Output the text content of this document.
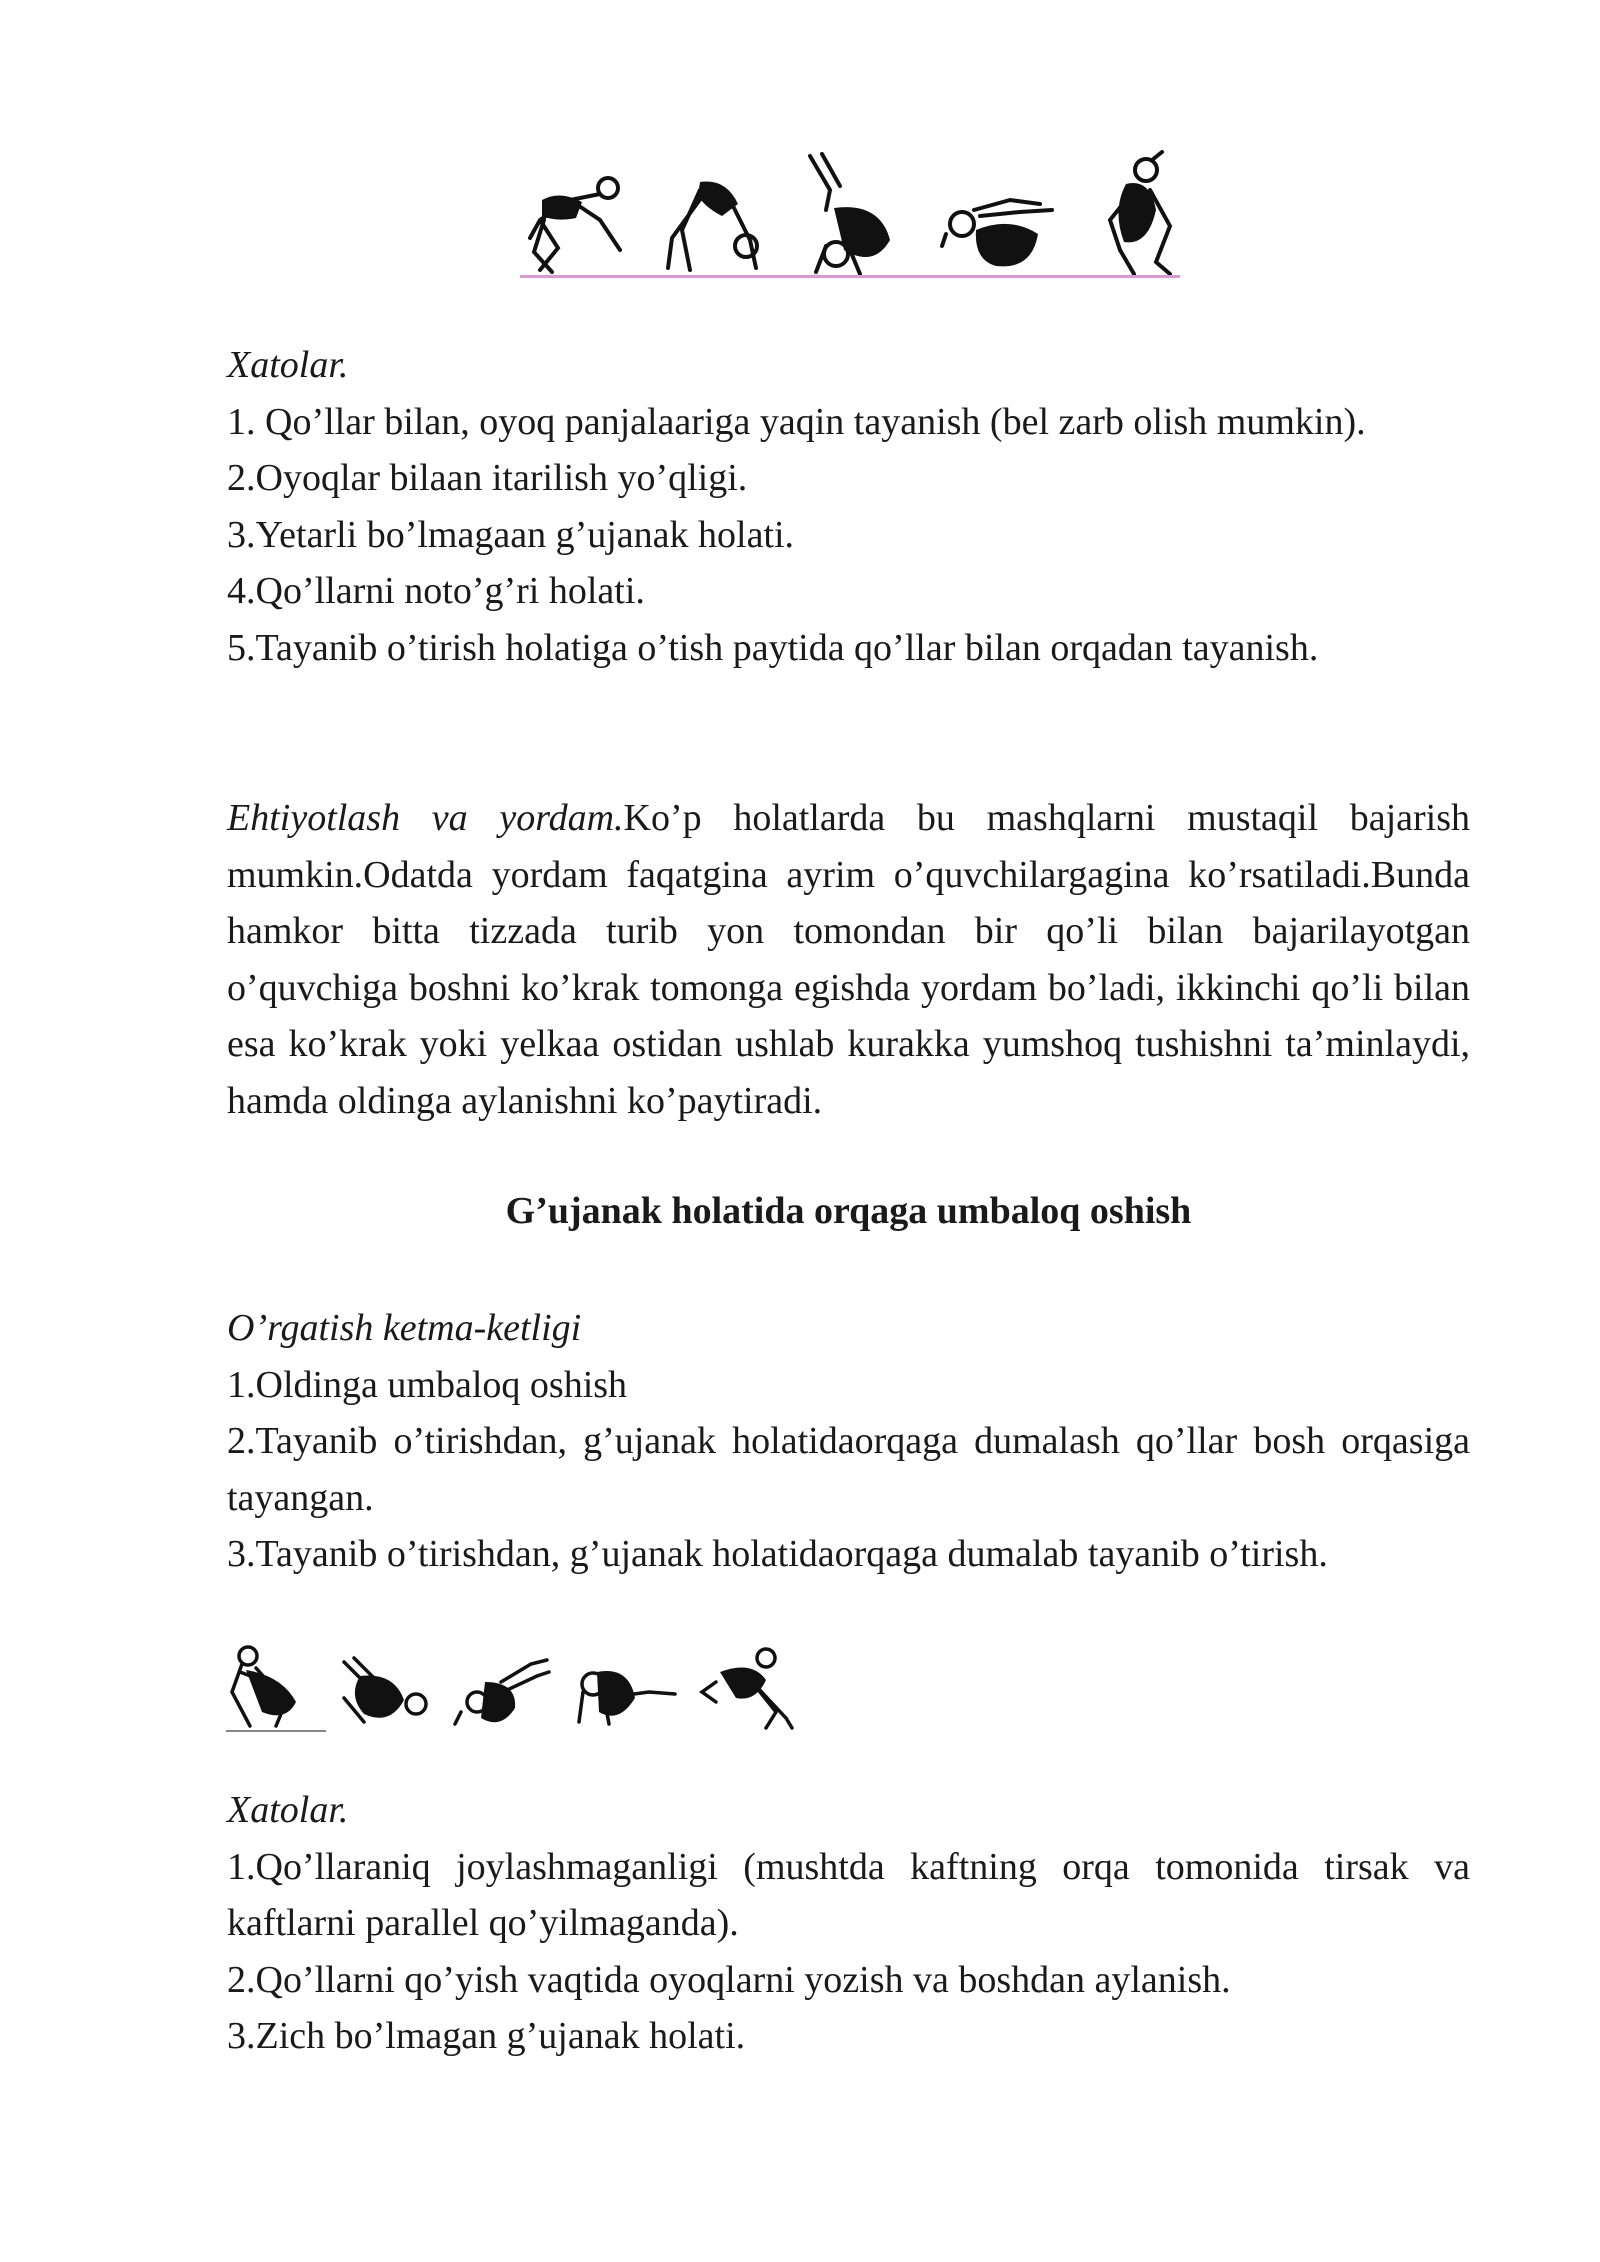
Xatolar.

1. Qo’llar bilan, oyoq panjalaariga yaqin tayanish (bel zarb olish mumkin).

2.Oyoqlar bilaan itarilish yo’qligi.

3.Yetarli bo’lmagaan g’ujanak holati.

4.Qo’llarni noto’g’ri holati.

5.Tayanib o’tirish holatiga o’tish paytida qo’llar bilan orqadan tayanish.

Ehtiyotlash va yordam.Ko’p holatlarda bu mashqlarni mustaqil bajarish mumkin.Odatda yordam faqatgina ayrim o’quvchilargagina ko’rsatiladi.Bunda hamkor bitta tizzada turib yon tomondan bir qo’li bilan bajarilayotgan o’quvchiga boshni ko’krak tomonga egishda yordam bo’ladi, ikkinchi qo’li bilan esa ko’krak yoki yelkaa ostidan ushlab kurakka yumshoq tushishni ta’minlaydi, hamda oldinga aylanishni ko’paytiradi.

G’ujanak holatida orqaga umbaloq oshish

O’rgatish ketma-ketligi

1.Oldinga umbaloq oshish

2.Tayanib o’tirishdan, g’ujanak holatidaorqaga dumalash qo’llar bosh orqasiga tayangan.

3.Tayanib o’tirishdan, g’ujanak holatidaorqaga dumalab tayanib o’tirish.

Xatolar.

1.Qo’llaraniq joylashmaganligi (mushtda kaftning orqa tomonida tirsak va kaftlarni parallel qo’yilmaganda).

2.Qo’llarni qo’yish vaqtida oyoqlarni yozish va boshdan aylanish.

3.Zich bo’lmagan g’ujanak holati.
